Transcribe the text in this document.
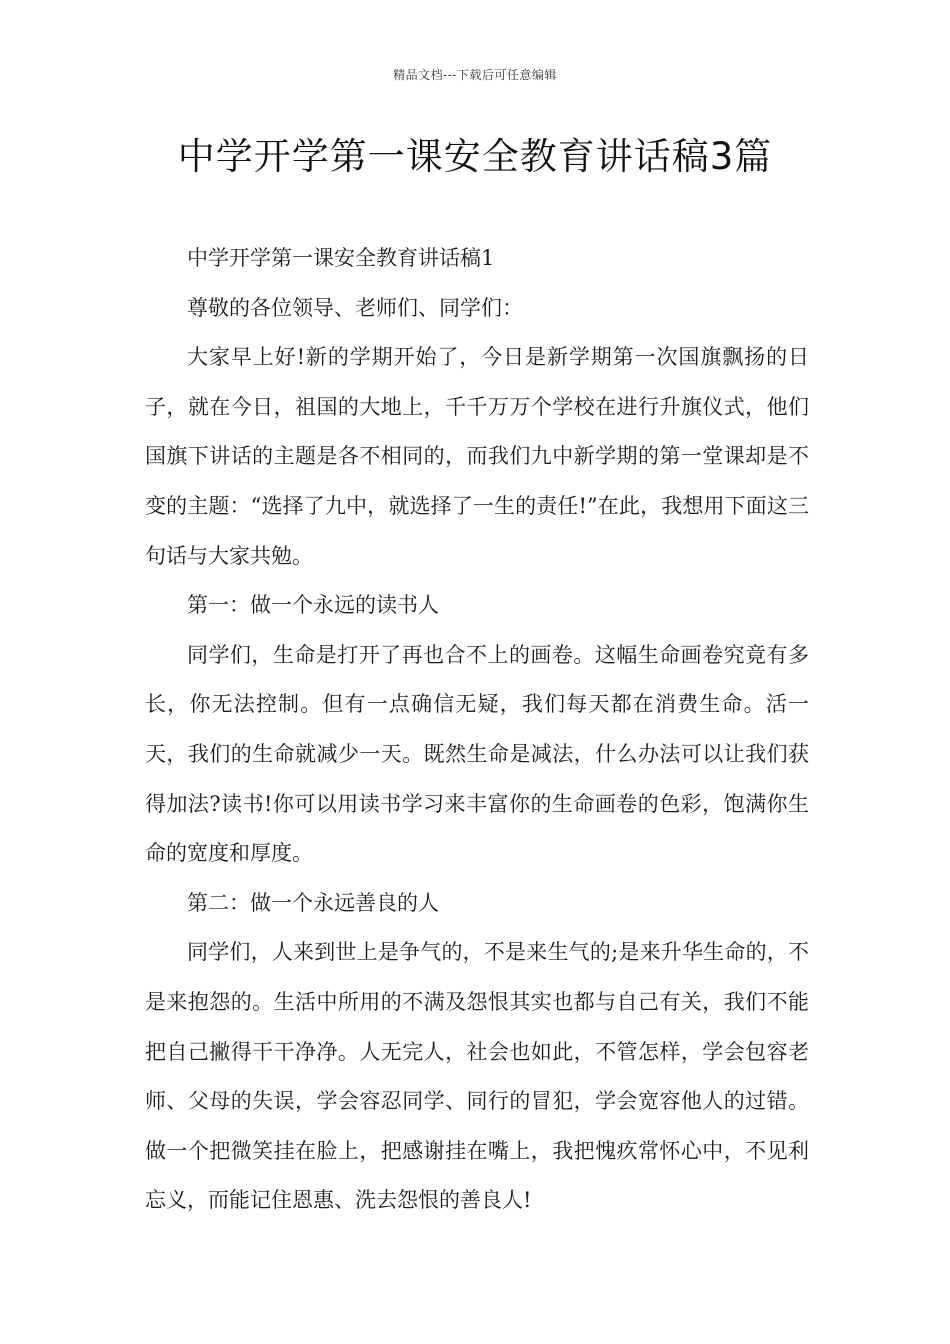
精品文档---下载后可任意编辑
中学开学第一课安全教育讲话稿3篇

中学开学第一课安全教育讲话稿1

尊敬的各位领导、老师们、同学们：

大家早上好!新的学期开始了，今日是新学期第一次国旗飘扬的日子，就在今日，祖国的大地上，千千万万个学校在进行升旗仪式，他们国旗下讲话的主题是各不相同的，而我们九中新学期的第一堂课却是不变的主题：“选择了九中，就选择了一生的责任!”在此，我想用下面这三句话与大家共勉。

第一：做一个永远的读书人

同学们，生命是打开了再也合不上的画卷。这幅生命画卷究竟有多长，你无法控制。但有一点确信无疑，我们每天都在消费生命。活一天，我们的生命就减少一天。既然生命是减法，什么办法可以让我们获得加法?读书!你可以用读书学习来丰富你的生命画卷的色彩，饱满你生命的宽度和厚度。

第二：做一个永远善良的人

同学们，人来到世上是争气的，不是来生气的;是来升华生命的，不是来抱怨的。生活中所用的不满及怨恨其实也都与自己有关，我们不能把自己撇得干干净净。人无完人，社会也如此，不管怎样，学会包容老师、父母的失误，学会容忍同学、同行的冒犯，学会宽容他人的过错。做一个把微笑挂在脸上，把感谢挂在嘴上，我把愧疚常怀心中，不见利忘义，而能记住恩惠、洗去怨恨的善良人!
